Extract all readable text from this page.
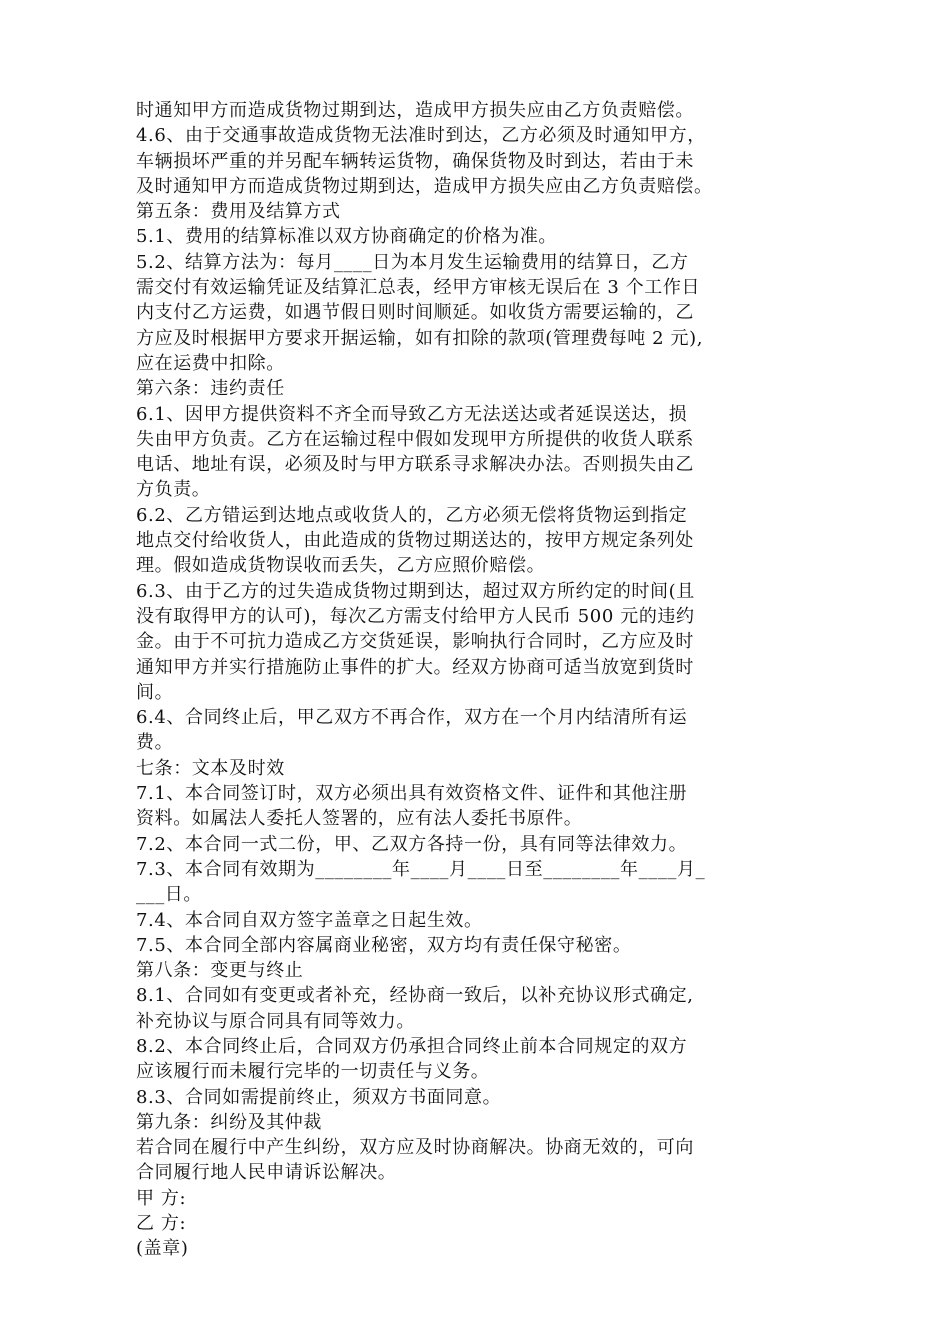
时通知甲方而造成货物过期到达，造成甲方损失应由乙方负责赔偿。
4.6、由于交通事故造成货物无法准时到达，乙方必须及时通知甲方，
车辆损坏严重的并另配车辆转运货物，确保货物及时到达，若由于未
及时通知甲方而造成货物过期到达，造成甲方损失应由乙方负责赔偿。
第五条：费用及结算方式
5.1、费用的结算标准以双方协商确定的价格为准。
5.2、结算方法为：每月____日为本月发生运输费用的结算日，乙方
需交付有效运输凭证及结算汇总表，经甲方审核无误后在 3 个工作日
内支付乙方运费，如遇节假日则时间顺延。如收货方需要运输的，乙
方应及时根据甲方要求开据运输，如有扣除的款项(管理费每吨 2 元),
应在运费中扣除。
第六条：违约责任
6.1、因甲方提供资料不齐全而导致乙方无法送达或者延误送达，损
失由甲方负责。乙方在运输过程中假如发现甲方所提供的收货人联系
电话、地址有误，必须及时与甲方联系寻求解决办法。否则损失由乙
方负责。
6.2、乙方错运到达地点或收货人的，乙方必须无偿将货物运到指定
地点交付给收货人，由此造成的货物过期送达的，按甲方规定条列处
理。假如造成货物误收而丢失，乙方应照价赔偿。
6.3、由于乙方的过失造成货物过期到达，超过双方所约定的时间(且
没有取得甲方的认可)，每次乙方需支付给甲方人民币 500 元的违约
金。由于不可抗力造成乙方交货延误，影响执行合同时，乙方应及时
通知甲方并实行措施防止事件的扩大。经双方协商可适当放宽到货时
间。
6.4、合同终止后，甲乙双方不再合作，双方在一个月内结清所有运
费。
七条：文本及时效
7.1、本合同签订时，双方必须出具有效资格文件、证件和其他注册
资料。如属法人委托人签署的，应有法人委托书原件。
7.2、本合同一式二份，甲、乙双方各持一份，具有同等法律效力。
7.3、本合同有效期为________年____月____日至________年____月_
___日。
7.4、本合同自双方签字盖章之日起生效。
7.5、本合同全部内容属商业秘密，双方均有责任保守秘密。
第八条：变更与终止
8.1、合同如有变更或者补充，经协商一致后，以补充协议形式确定,
补充协议与原合同具有同等效力。
8.2、本合同终止后，合同双方仍承担合同终止前本合同规定的双方
应该履行而未履行完毕的一切责任与义务。
8.3、合同如需提前终止，须双方书面同意。
第九条：纠纷及其仲裁
若合同在履行中产生纠纷，双方应及时协商解决。协商无效的，可向
合同履行地人民申请诉讼解决。
甲 方:
乙 方:
(盖章)
